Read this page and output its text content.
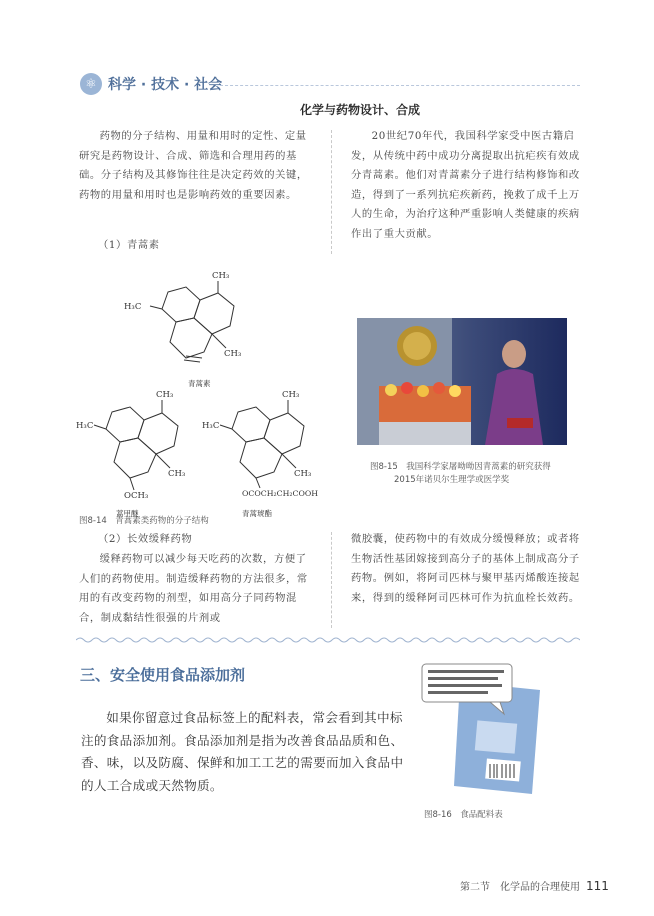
⚛ 科学 · 技术 · 社会
化学与药物设计、合成

药物的分子结构、用量和用时的定性、定量研究是药物设计、合成、筛选和合理用药的基础。分子结构及其修饰往往是决定药效的关键，药物的用量和用时也是影响药效的重要因素。

（1）青蒿素

20世纪70年代，我国科学家受中医古籍启发，从传统中药中成功分离提取出抗疟疾有效成分青蒿素。他们对青蒿素分子进行结构修饰和改造，得到了一系列抗疟疾新药，挽救了成千上万人的生命，为治疗这种严重影响人类健康的疾病作出了重大贡献。

CH₃
H₃C
CH₃
青蒿素
CH₃
H₃C
CH₃
OCH₃
蒿甲醚
CH₃
H₃C
CH₃
OCOCH₂CH₂COOH
青蒿琥酯
图8-14　青蒿素类药物的分子结构
图8-15　我国科学家屠呦呦因青蒿素的研究获得
2015年诺贝尔生理学或医学奖
（2）长效缓释药物

缓释药物可以减少每天吃药的次数，方便了人们的药物使用。制造缓释药物的方法很多，常用的有改变药物的剂型，如用高分子同药物混合，制成黏结性很强的片剂或

微胶囊，使药物中的有效成分缓慢释放；或者将生物活性基团嫁接到高分子的基体上制成高分子药物。例如，将阿司匹林与聚甲基丙烯酸连接起来，得到的缓释阿司匹林可作为抗血栓长效药。

三、安全使用食品添加剂

如果你留意过食品标签上的配料表，常会看到其中标注的食品添加剂。食品添加剂是指为改善食品品质和色、香、味，以及防腐、保鲜和加工工艺的需要而加入食品中的人工合成或天然物质。

图8-16　食品配料表
第二节　化学品的合理使用 111
